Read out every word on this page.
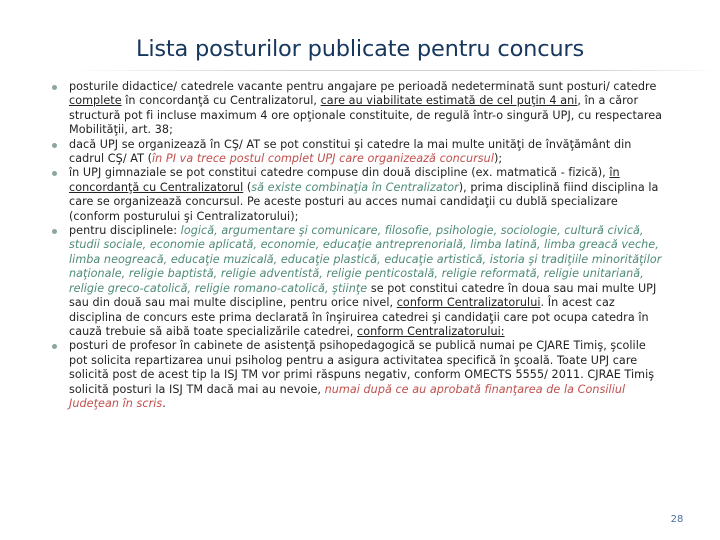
Lista posturilor publicate pentru concurs
posturile didactice/ catedrele vacante pentru angajare pe perioadă nedeterminată sunt posturi/ catedre complete în concordanţă cu Centralizatorul, care au viabilitate estimată de cel puţin 4 ani, în a căror structură pot fi incluse maximum 4 ore opţionale constituite, de regulă într-o singură UPJ, cu respectarea Mobilităţii, art. 38;
dacă UPJ se organizează în CŞ/ AT se pot constitui şi catedre la mai multe unităţi de învăţământ din cadrul CŞ/ AT (în PI va trece postul complet UPJ care organizează concursul);
în UPJ gimnaziale se pot constitui catedre compuse din două discipline (ex. matmatică - fizică), în concordanţă cu Centralizatorul (să existe combinaţia în Centralizator), prima disciplină fiind disciplina la care se organizează concursul. Pe aceste posturi au acces numai candidaţii cu dublă specializare (conform posturului şi Centralizatorului);
pentru disciplinele: logică, argumentare şi comunicare, filosofie, psihologie, sociologie, cultură civică, studii sociale, economie aplicată, economie, educaţie antreprenorială, limba latină, limba greacă veche, limba neogreacă, educaţie muzicală, educaţie plastică, educaţie artistică, istoria şi tradiţiile minorităţilor naţionale, religie baptistă, religie adventistă, religie penticostală, religie reformată, religie unitariană, religie greco-catolică, religie romano-catolică, ştiinţe se pot constitui catedre în doua sau mai multe UPJ sau din două sau mai multe discipline, pentru orice nivel, conform Centralizatorului. În acest caz disciplina de concurs este prima declarată în înşiruirea catedrei şi candidaţii care pot ocupa catedra în cauză trebuie să aibă toate specializările catedrei, conform Centralizatorului:
posturi de profesor în cabinete de asistenţă psihopedagogică se publică numai pe CJARE Timiş, şcolile pot solicita repartizarea unui psiholog pentru a asigura activitatea specifică în şcoală. Toate UPJ care solicită post de acest tip la ISJ TM vor primi răspuns negativ, conform OMECTS 5555/ 2011. CJRAE Timiş solicită posturi la ISJ TM dacă mai au nevoie, numai după ce au aprobată finanţarea de la Consiliul Judeţean în scris.
28
